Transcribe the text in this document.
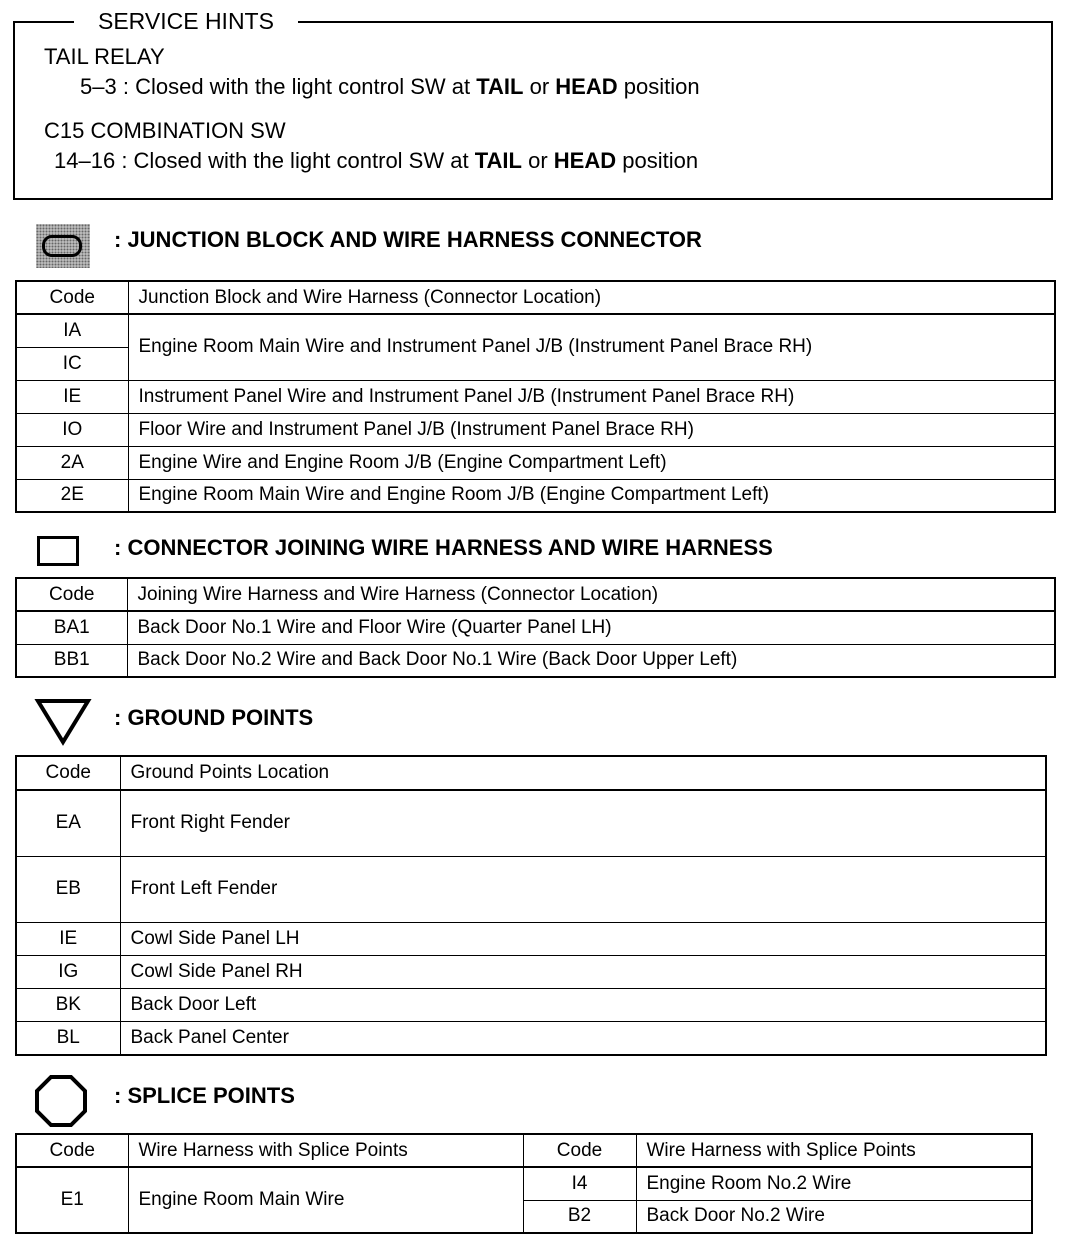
SERVICE HINTS
TAIL RELAY
5–3 : Closed with the light control SW at TAIL or HEAD position
C15 COMBINATION SW
14–16 : Closed with the light control SW at TAIL or HEAD position
: JUNCTION BLOCK AND WIRE HARNESS CONNECTOR
Code	Junction Block and Wire Harness (Connector Location)
IA	Engine Room Main Wire and Instrument Panel J/B (Instrument Panel Brace RH)
IC	
IE	Instrument Panel Wire and Instrument Panel J/B (Instrument Panel Brace RH)
IO	Floor Wire and Instrument Panel J/B (Instrument Panel Brace RH)
2A	Engine Wire and Engine Room J/B (Engine Compartment Left)
2E	Engine Room Main Wire and Engine Room J/B (Engine Compartment Left)
: CONNECTOR JOINING WIRE HARNESS AND WIRE HARNESS
Code	Joining Wire Harness and Wire Harness (Connector Location)
BA1	Back Door No.1 Wire and Floor Wire (Quarter Panel LH)
BB1	Back Door No.2 Wire and Back Door No.1 Wire (Back Door Upper Left)
: GROUND POINTS
Code	Ground Points Location
EA	Front Right Fender
EB	Front Left Fender
IE	Cowl Side Panel LH
IG	Cowl Side Panel RH
BK	Back Door Left
BL	Back Panel Center
: SPLICE POINTS
Code	Wire Harness with Splice Points	Code	Wire Harness with Splice Points
E1	Engine Room Main Wire	I4	Engine Room No.2 Wire
		B2	Back Door No.2 Wire
